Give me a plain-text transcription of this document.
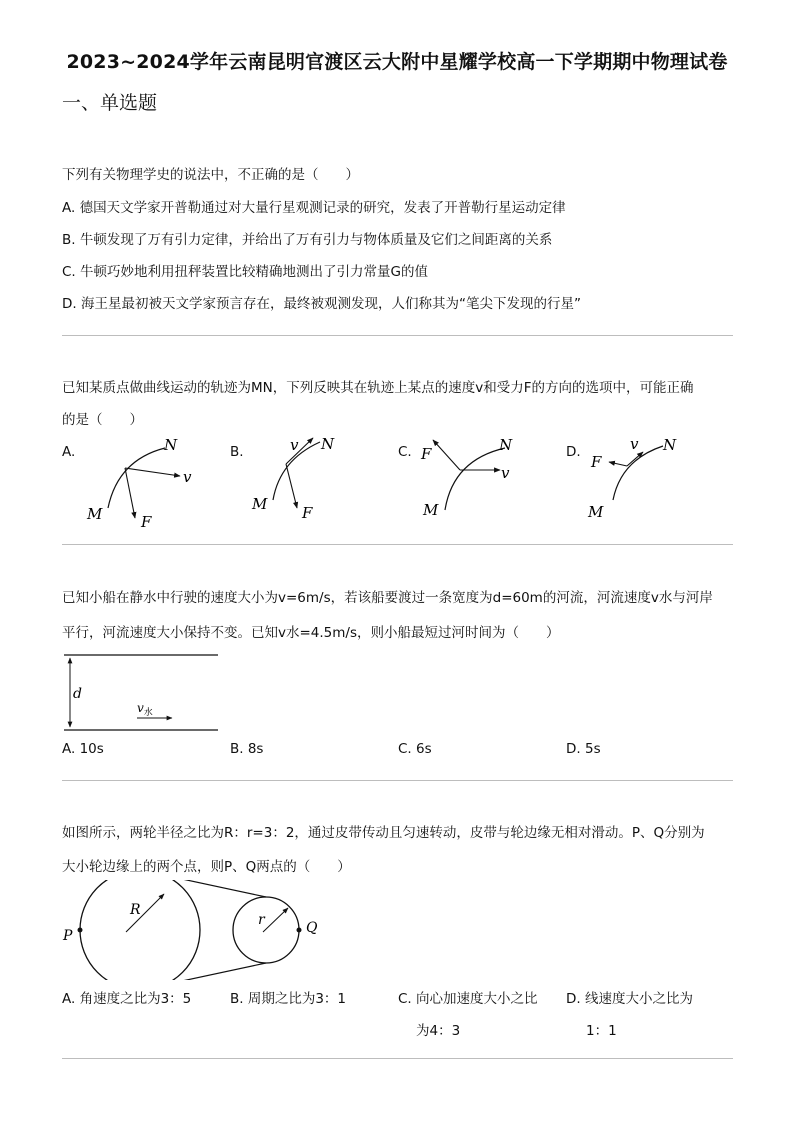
2023~2024学年云南昆明官渡区云大附中星耀学校高一下学期期中物理试卷
一、单选题
下列有关物理学史的说法中，不正确的是（　　）
A. 德国天文学家开普勒通过对大量行星观测记录的研究，发表了开普勒行星运动定律
B. 牛顿发现了万有引力定律，并给出了万有引力与物体质量及它们之间距离的关系
C. 牛顿巧妙地利用扭秤装置比较精确地测出了引力常量G的值
D. 海王星最初被天文学家预言存在，最终被观测发现，人们称其为“笔尖下发现的行星”
已知某质点做曲线运动的轨迹为MN，下列反映其在轨迹上某点的速度v和受力F的方向的选项中，可能正确
的是（　　）
A.	B.	C.	D.
N
v
M	F
v N
M F
F	N
v
M
v N
F
M
已知小船在静水中行驶的速度大小为v=6m/s，若该船要渡过一条宽度为d=60m的河流，河流速度v水与河岸
平行，河流速度大小保持不变。已知v水=4.5m/s，则小船最短过河时间为（　　）
d
$v_水$
A. 10s	B. 8s	C. 6s	D. 5s
如图所示，两轮半径之比为R：r=3：2，通过皮带传动且匀速转动，皮带与轮边缘无相对滑动。P、Q分别为
大小轮边缘上的两个点，则P、Q两点的（　　）
P	Q
R
r
A. 角速度之比为3：5	B. 周期之比为3：1	C. 向心加速度大小之比 D. 线速度大小之比为
为4：3	1：1
